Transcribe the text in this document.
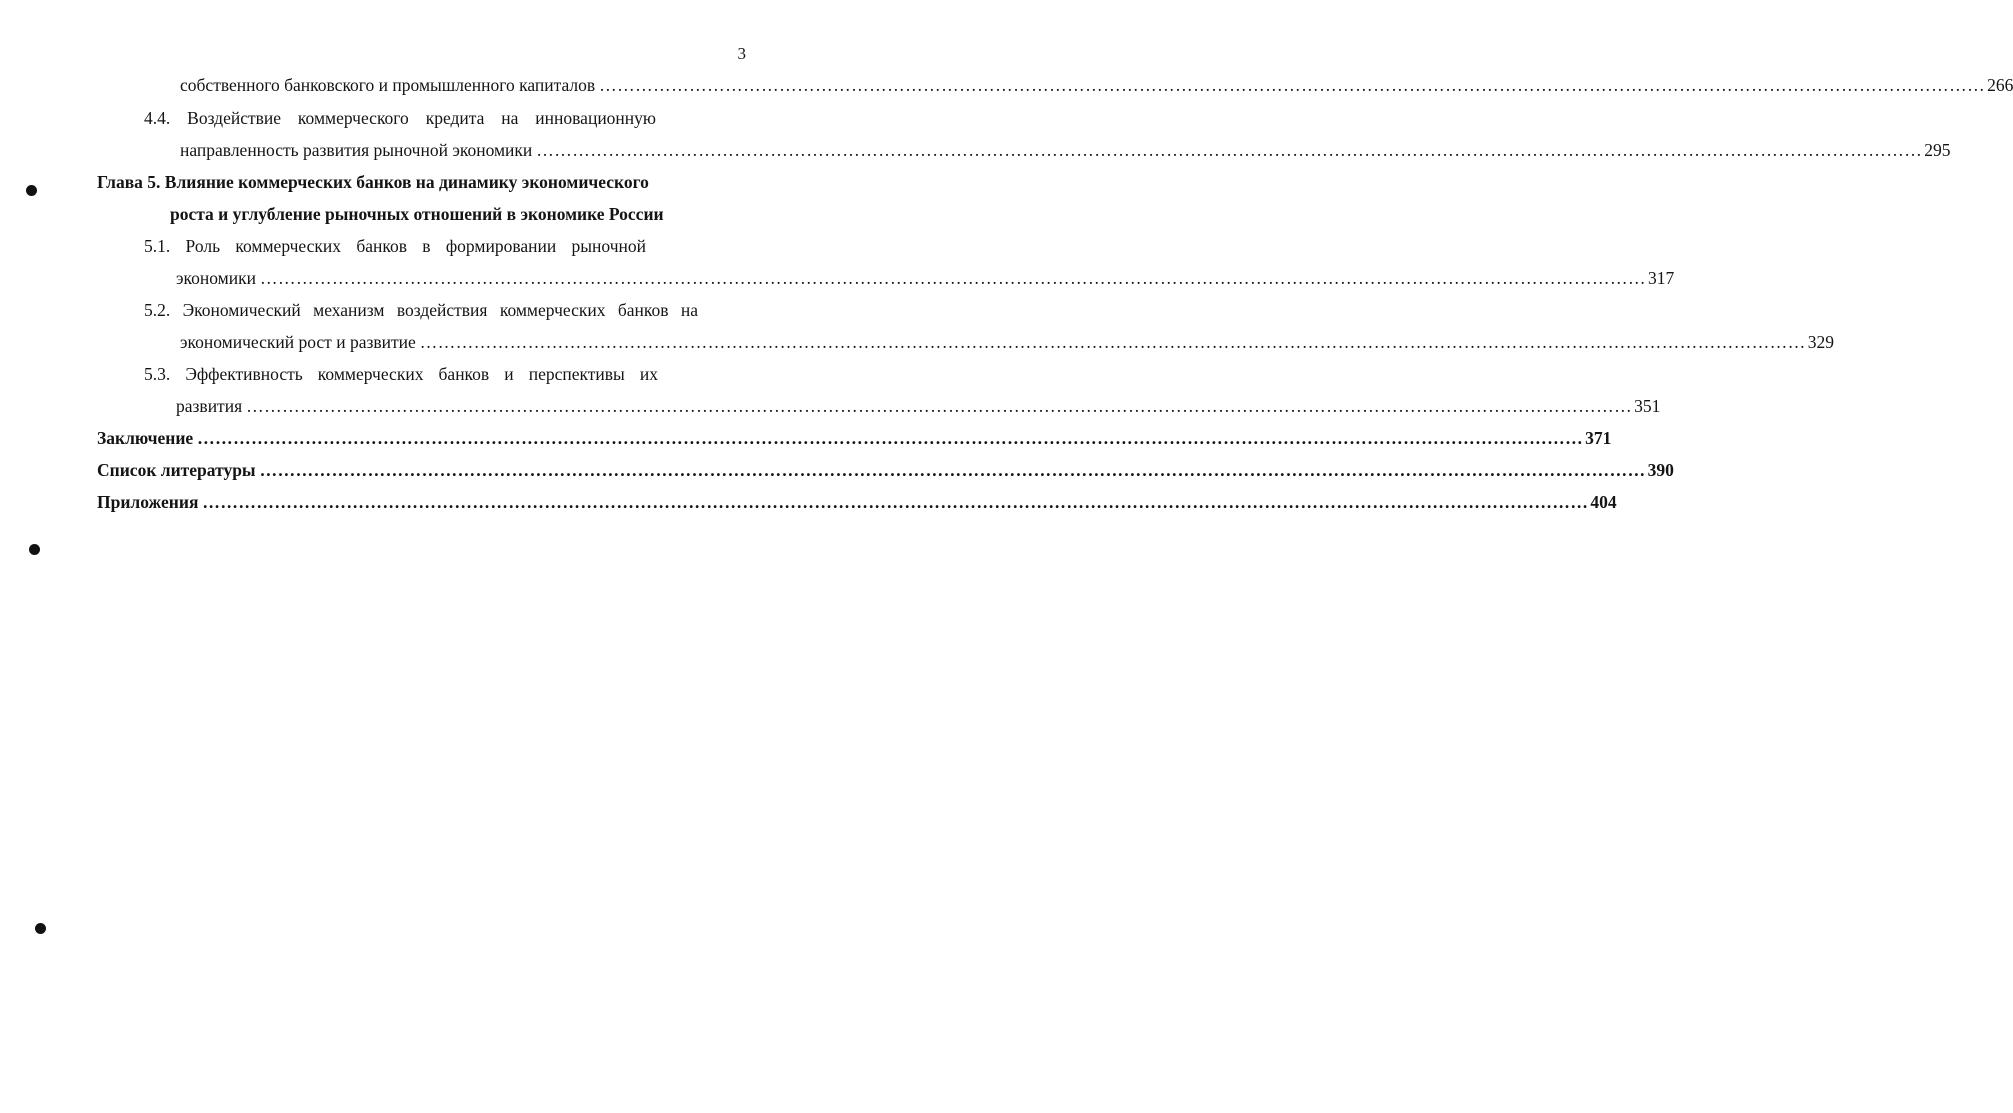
3
собственного банковского и промышленного капиталов …………………………………………………………………………………………………………………………………………………………………………………………………………… 266
4.4. Воздействие коммерческого кредита на инновационную
направленность развития рыночной экономики …………………………………………………………………………………………………………………………………………………………………………………………………………… 295
Глава 5. Влияние коммерческих банков на динамику экономического
роста и углубление рыночных отношений в экономике России
5.1. Роль коммерческих банков в формировании рыночной
экономики …………………………………………………………………………………………………………………………………………………………………………………………………………… 317
5.2. Экономический механизм воздействия коммерческих банков на
экономический рост и развитие …………………………………………………………………………………………………………………………………………………………………………………………………………… 329
5.3. Эффективность коммерческих банков и перспективы их
развития …………………………………………………………………………………………………………………………………………………………………………………………………………… 351
Заключение …………………………………………………………………………………………………………………………………………………………………………………………………………… 371
Список литературы …………………………………………………………………………………………………………………………………………………………………………………………………………… 390
Приложения …………………………………………………………………………………………………………………………………………………………………………………………………………… 404
